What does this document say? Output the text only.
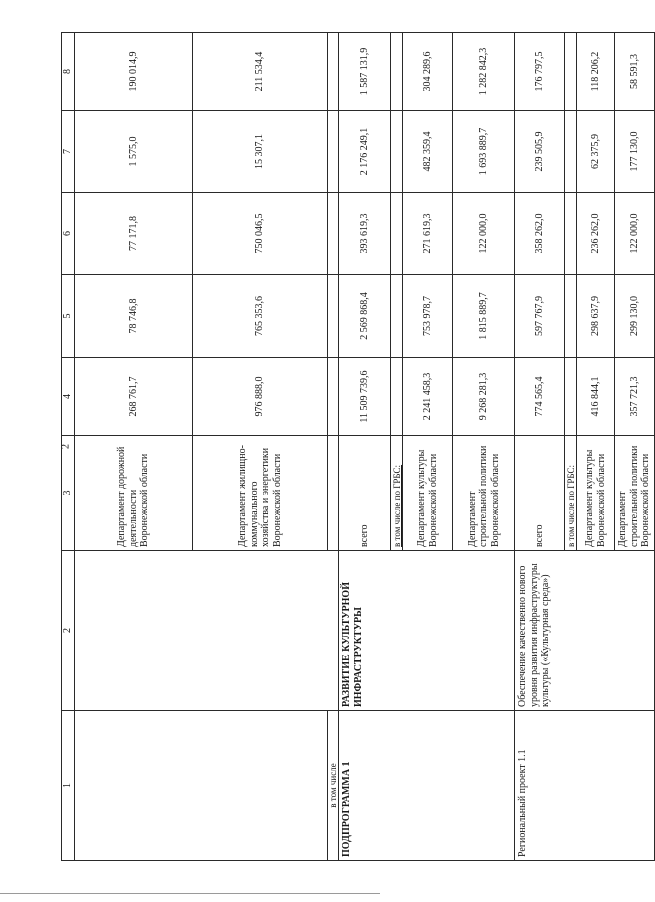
2
1	2	3	4	5	6	7	8
		Департамент дорожной деятельности Воронежской области	268 761,7	78 746,8	77 171,8	1 575,0	190 014,9
		Департамент жилищно-коммунального хозяйства и энергетики Воронежской области	976 888,0	765 353,6	750 046,5	15 307,1	211 534,4
в том числе							
ПОДПРОГРАММА 1	РАЗВИТИЕ КУЛЬТУРНОЙ ИНФРАСТРУКТУРЫ	всего	11 509 739,6	2 569 868,4	393 619,3	2 176 249,1	1 587 131,9
		в том числе по ГРБС:					
		Департамент культуры Воронежской области	2 241 458,3	753 978,7	271 619,3	482 359,4	304 289,6
		Департамент строительной политики Воронежской области	9 268 281,3	1 815 889,7	122 000,0	1 693 889,7	1 282 842,3
Региональный проект 1.1	Обеспечение качественно нового уровня развития инфраструктуры культуры («Культурная среда»)	всего	774 565,4	597 767,9	358 262,0	239 505,9	176 797,5
		в том числе по ГРБС:					
		Департамент культуры Воронежской области	416 844,1	298 637,9	236 262,0	62 375,9	118 206,2
		Департамент строительной политики Воронежской области	357 721,3	299 130,0	122 000,0	177 130,0	58 591,3
